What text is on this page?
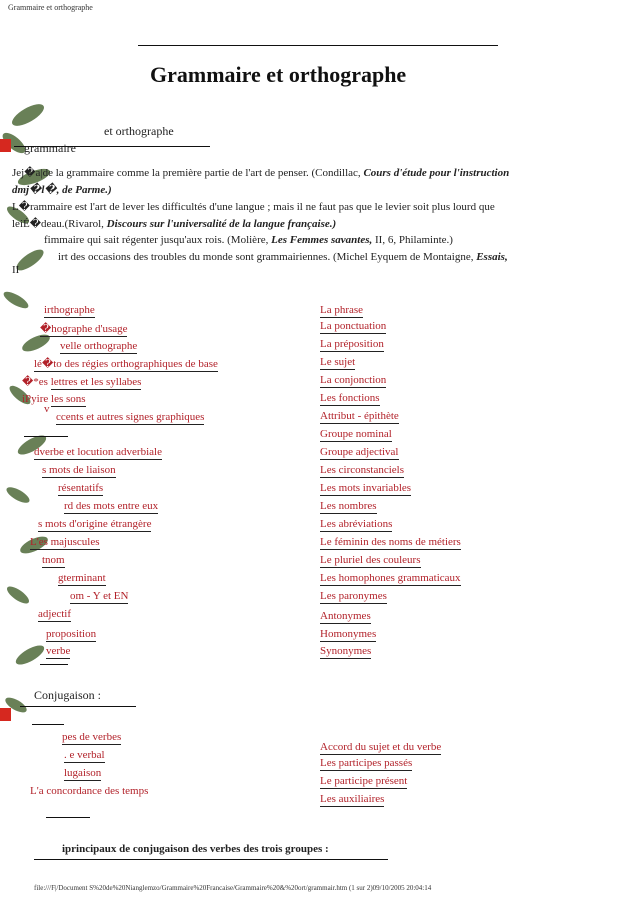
Grammaire et orthographe
Grammaire et orthographe
et orthographe
grammaire
Jej�a|de la grammaire comme la première partie de l'art de penser. (Condillac, Cours d'étude pour l'instruction
dmj�l�, de Parme.)
L�rammaire est l'art de lever les difficultés d'une langue ; mais il ne faut pas que le levier soit plus lourd que
leiÉ�deau.(Rivarol, Discours sur l'universalité de la langue française.)
fimmaire qui sait régenter jusqu'aux rois. (Molière, Les Femmes savantes, II, 6, Philaminte.)
irt des occasions des troubles du monde sont grammairiennes. (Michel Eyquem de Montaigne, Essais,
II
irthographe
�hographe d'usage
velle orthographe
lé�to des régies orthographiques de base
�*es lettres et les syllabes
iPyire les sons
v
ccents et autres signes graphiques
dverbe et locution adverbiale
s mots de liaison
résentatifs
rd des mots entre eux
s mots d'origine étrangère
L'es majuscules
tnom
gterminant
om - Y et EN
adjectif
proposition
verbe
La phrase
La ponctuation
La préposition
Le sujet
La conjonction
Les fonctions
Attribut - épithète
Groupe nominal
Groupe adjectival
Les circonstanciels
Les mots invariables
Les nombres
Les abréviations
Le féminin des noms de métiers
Le pluriel des couleurs
Les homophones grammaticaux
Les paronymes
Antonymes
Homonymes
Synonymes
Conjugaison :
pes de verbes
. e verbal
lugaison
L'a concordance des temps
Accord du sujet et du verbe
Les participes passés
Le participe présent
Les auxiliaires
iprincipaux de conjugaison des verbes des trois groupes :
file:///F|/Document S%20de%20Nianglemzo/Grammaire%20Francaise/Grammaire%20&%20ort/grammair.htm (1 sur 2)09/10/2005 20:04:14
